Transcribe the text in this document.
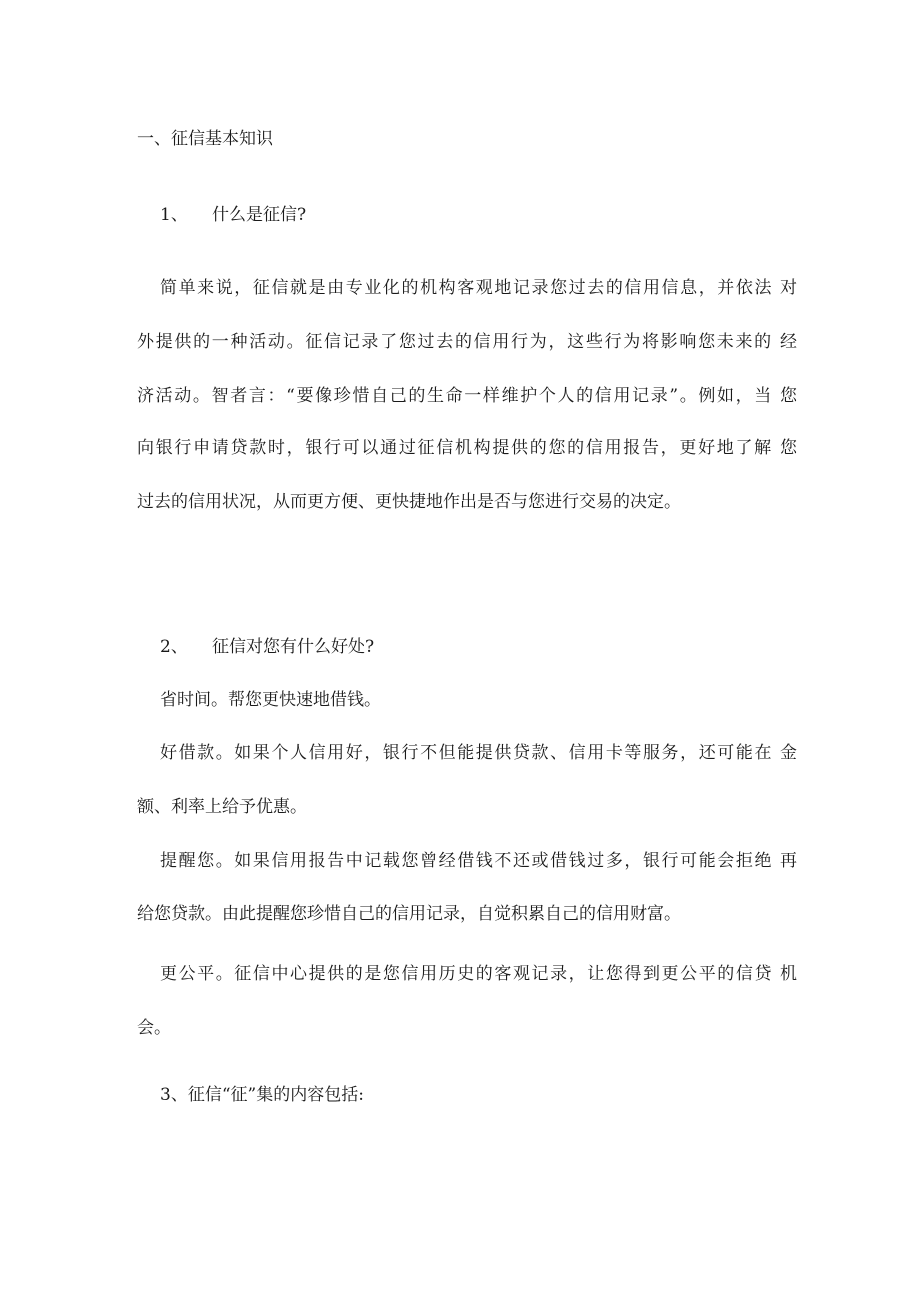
一、征信基本知识
1、 什么是征信?
简单来说，征信就是由专业化的机构客观地记录您过去的信用信息，并依法 对
外提供的一种活动。征信记录了您过去的信用行为，这些行为将影响您未来的 经
济活动。智者言：“要像珍惜自己的生命一样维护个人的信用记录”。例如，当 您
向银行申请贷款时，银行可以通过征信机构提供的您的信用报告，更好地了解 您
过去的信用状况，从而更方便、更快捷地作出是否与您进行交易的决定。
2、 征信对您有什么好处?
省时间。帮您更快速地借钱。
好借款。如果个人信用好，银行不但能提供贷款、信用卡等服务，还可能在 金
额、利率上给予优惠。
提醒您。如果信用报告中记载您曾经借钱不还或借钱过多，银行可能会拒绝 再
给您贷款。由此提醒您珍惜自己的信用记录，自觉积累自己的信用财富。
更公平。征信中心提供的是您信用历史的客观记录，让您得到更公平的信贷 机
会。
3、征信“征”集的内容包括:
